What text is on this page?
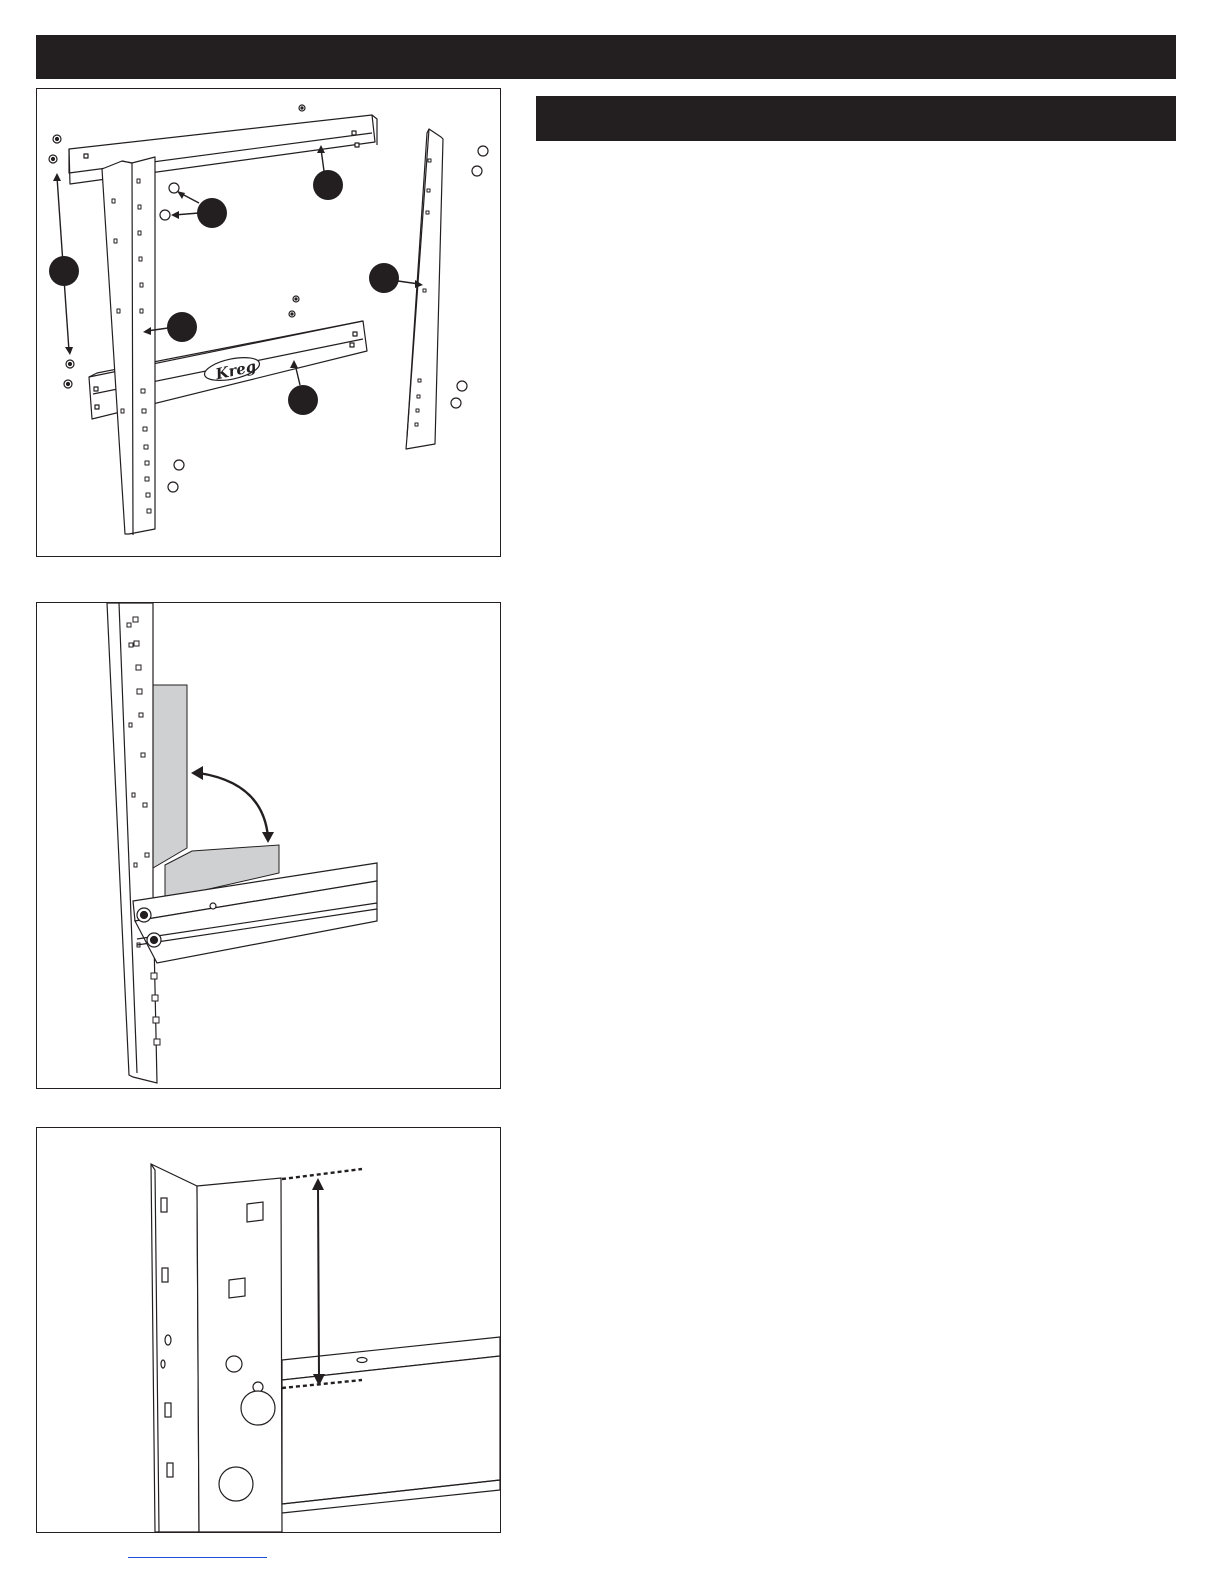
Kreg
